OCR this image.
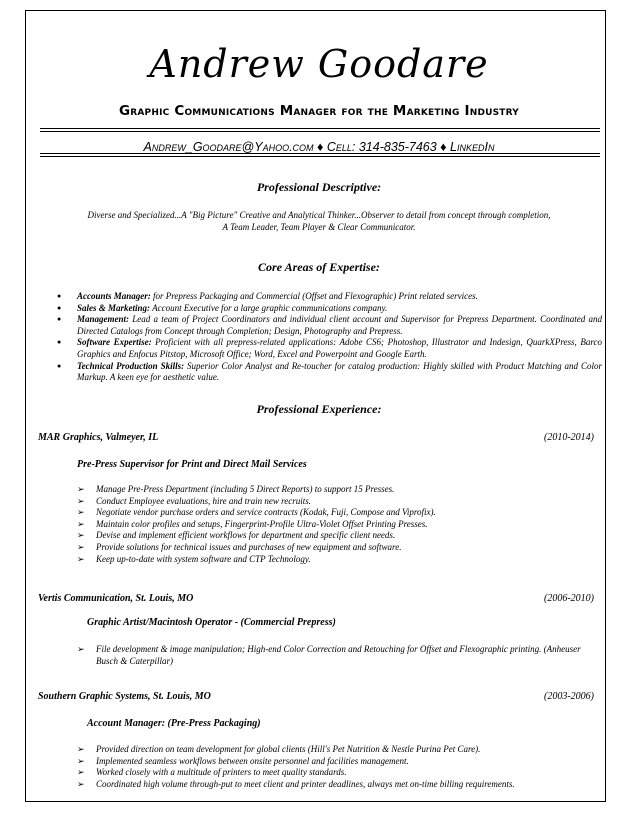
Andrew Goodare
Graphic Communications Manager for the Marketing Industry
Andrew_Goodare@Yahoo.com ♦ Cell: 314-835-7463 ♦ LinkedIn
Professional Descriptive:
Diverse and Specialized...A "Big Picture" Creative and Analytical Thinker...Observer to detail from concept through completion,
A Team Leader, Team Player & Clear Communicator.
Core Areas of Expertise:
● Accounts Manager: for Prepress Packaging and Commercial (Offset and Flexographic) Print related services.
● Sales & Marketing: Account Executive for a large graphic communications company.
● Management: Lead a team of Project Coordinators and individual client account and Supervisor for Prepress Department. Coordinated and Directed Catalogs from Concept through Completion; Design, Photography and Prepress.
● Software Expertise: Proficient with all prepress-related applications: Adobe CS6; Photoshop, Illustrator and Indesign, QuarkXPress, Barco Graphics and Enfocus Pitstop, Microsoft Office; Word, Excel and Powerpoint and Google Earth.
● Technical Production Skills: Superior Color Analyst and Re-toucher for catalog production: Highly skilled with Product Matching and Color Markup. A keen eye for aesthetic value.
Professional Experience:
MAR Graphics, Valmeyer, IL	(2010-2014)
Pre-Press Supervisor for Print and Direct Mail Services
➢ Manage Pre-Press Department (including 5 Direct Reports) to support 15 Presses.
➢ Conduct Employee evaluations, hire and train new recruits.
➢ Negotiate vendor purchase orders and service contracts (Kodak, Fuji, Compose and Viprofix).
➢ Maintain color profiles and setups, Fingerprint-Profile Ultra-Violet Offset Printing Presses.
➢ Devise and implement efficient workflows for department and specific client needs.
➢ Provide solutions for technical issues and purchases of new equipment and software.
➢ Keep up-to-date with system software and CTP Technology.
Vertis Communication, St. Louis, MO	(2006-2010)
Graphic Artist/Macintosh Operator - (Commercial Prepress)
➢ File development & image manipulation; High-end Color Correction and Retouching for Offset and Flexographic printing. (Anheuser Busch & Caterpillar)
Southern Graphic Systems, St. Louis, MO	(2003-2006)
Account Manager: (Pre-Press Packaging)
➢ Provided direction on team development for global clients (Hill's Pet Nutrition & Nestle Purina Pet Care).
➢ Implemented seamless workflows between onsite personnel and facilities management.
➢ Worked closely with a multitude of printers to meet quality standards.
➢ Coordinated high volume through-put to meet client and printer deadlines, always met on-time billing requirements.
